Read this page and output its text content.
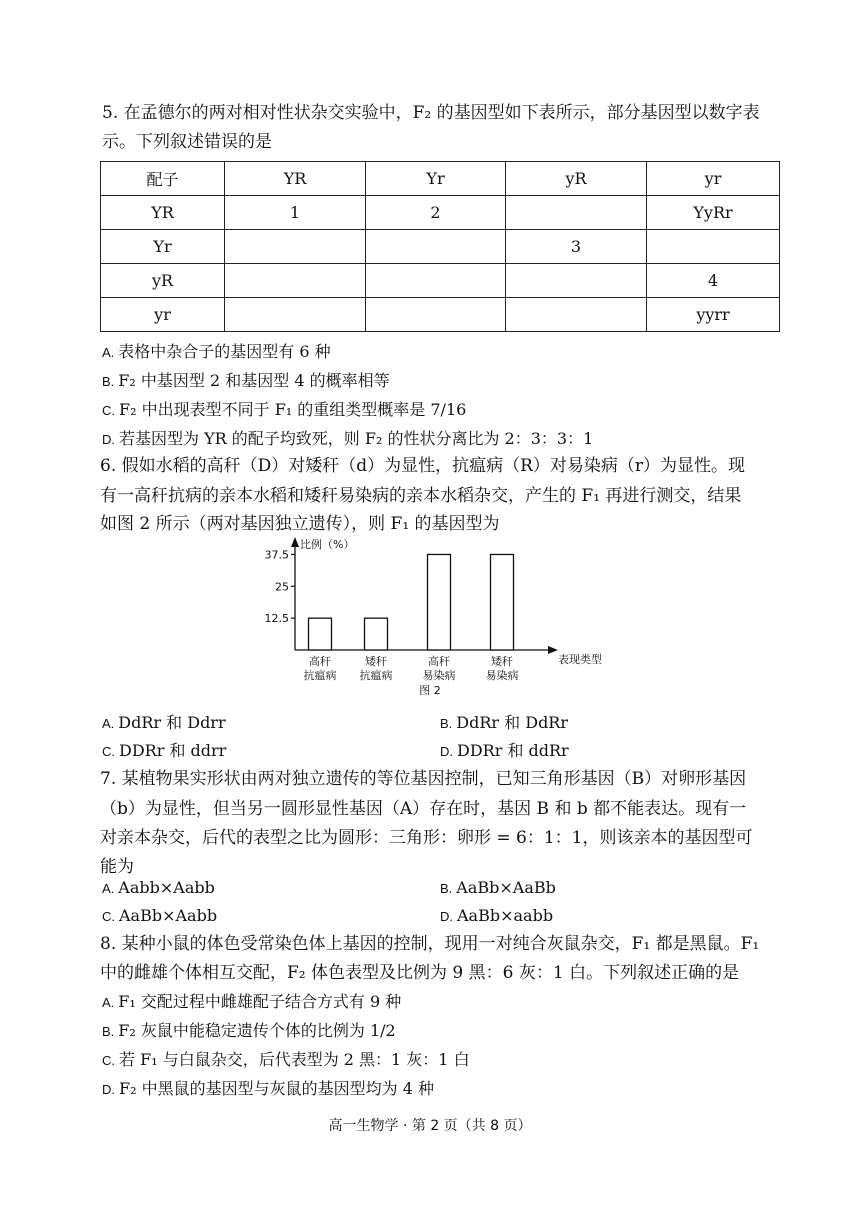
5. 在孟德尔的两对相对性状杂交实验中，F₂ 的基因型如下表所示，部分基因型以数字表
示。下列叙述错误的是
配子	YR	Yr	yR	yr
YR	1	2		YyRr
Yr			3	
yR				4
yr				yyrr
A. 表格中杂合子的基因型有 6 种
B. F₂ 中基因型 2 和基因型 4 的概率相等
C. F₂ 中出现表型不同于 F₁ 的重组类型概率是 7/16
D. 若基因型为 YR 的配子均致死，则 F₂ 的性状分离比为 2：3：3：1
6. 假如水稻的高秆（D）对矮秆（d）为显性，抗瘟病（R）对易染病（r）为显性。现
有一高秆抗病的亲本水稻和矮秆易染病的亲本水稻杂交，产生的 F₁ 再进行测交，结果
如图 2 所示（两对基因独立遗传），则 F₁ 的基因型为
比例（%）
表现类型
图 2
12.5
25
37.5
高秆
抗瘟病
矮秆
抗瘟病
高秆
易染病
矮秆
易染病
A. DdRr 和 Ddrr	B. DdRr 和 DdRr
C. DDRr 和 ddrr	D. DDRr 和 ddRr
7. 某植物果实形状由两对独立遗传的等位基因控制，已知三角形基因（B）对卵形基因
（b）为显性，但当另一圆形显性基因（A）存在时，基因 B 和 b 都不能表达。现有一
对亲本杂交，后代的表型之比为圆形：三角形：卵形 = 6：1：1，则该亲本的基因型可
能为
A. Aabb×Aabb	B. AaBb×AaBb
C. AaBb×Aabb	D. AaBb×aabb
8. 某种小鼠的体色受常染色体上基因的控制，现用一对纯合灰鼠杂交，F₁ 都是黑鼠。F₁
中的雌雄个体相互交配，F₂ 体色表型及比例为 9 黑：6 灰：1 白。下列叙述正确的是
A. F₁ 交配过程中雌雄配子结合方式有 9 种
B. F₂ 灰鼠中能稳定遗传个体的比例为 1/2
C. 若 F₁ 与白鼠杂交，后代表型为 2 黑：1 灰：1 白
D. F₂ 中黑鼠的基因型与灰鼠的基因型均为 4 种
高一生物学 · 第 2 页（共 8 页）
